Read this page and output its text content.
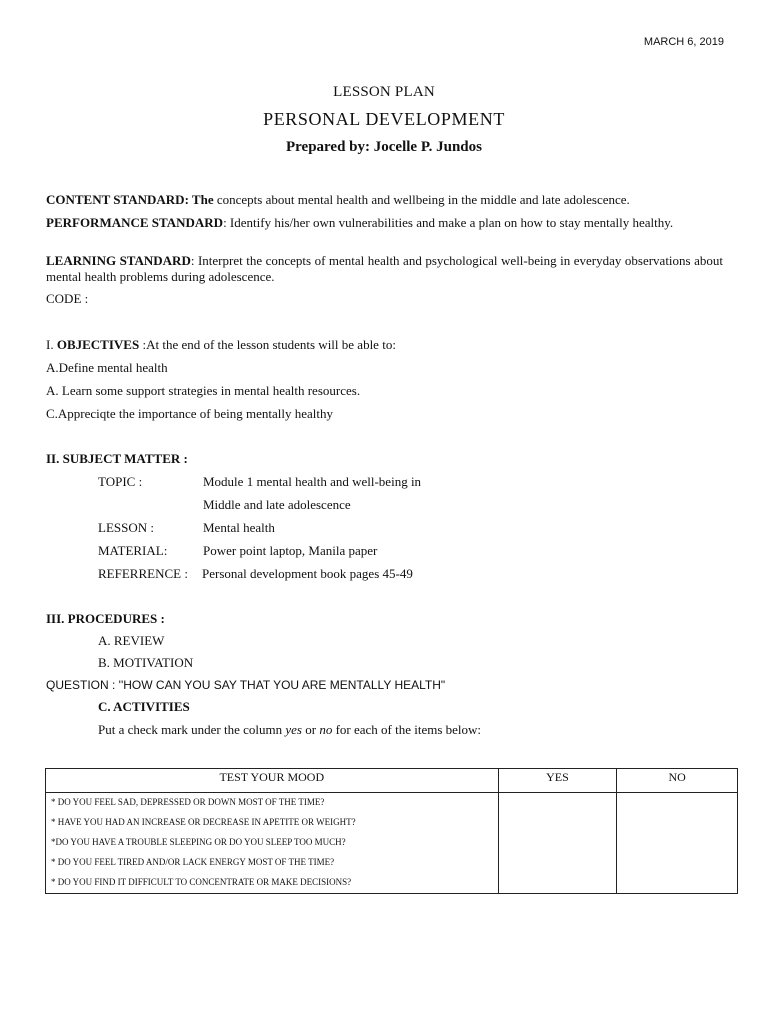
MARCH 6, 2019
LESSON PLAN
PERSONAL DEVELOPMENT
Prepared by: Jocelle P. Jundos
CONTENT STANDARD: The concepts about mental health and wellbeing in the middle and late adolescence.
PERFORMANCE STANDARD: Identify his/her own vulnerabilities and make a plan on how to stay mentally healthy.
LEARNING STANDARD: Interpret the concepts of mental health and psychological well-being in everyday observations about mental health problems during adolescence.
CODE :
I. OBJECTIVES :At the end of the lesson students will be able to:
A.Define mental health
A. Learn some support strategies in mental health resources.
C.Appreciqte the importance of being mentally healthy
II. SUBJECT MATTER :
TOPIC :	Module 1 mental health and well-being in
Middle and late adolescence
LESSON :	Mental health
MATERIAL:	Power point laptop, Manila paper
REFERRENCE : Personal development book pages 45-49
III. PROCEDURES :
A. REVIEW
B. MOTIVATION
QUESTION : ''HOW CAN YOU SAY THAT YOU ARE MENTALLY HEALTH"
C. ACTIVITIES
Put a check mark under the column yes or no for each of the items below:
TEST YOUR MOOD	YES	NO

* DO YOU FEEL SAD, DEPRESSED OR DOWN MOST OF THE TIME?
* HAVE YOU HAD AN INCREASE OR DECREASE IN APETITE OR WEIGHT?
*DO YOU HAVE A TROUBLE SLEEPING OR DO YOU SLEEP TOO MUCH?
* DO YOU FEEL TIRED AND/OR LACK ENERGY MOST OF THE TIME?
* DO YOU FIND IT DIFFICULT TO CONCENTRATE OR MAKE DECISIONS?		
